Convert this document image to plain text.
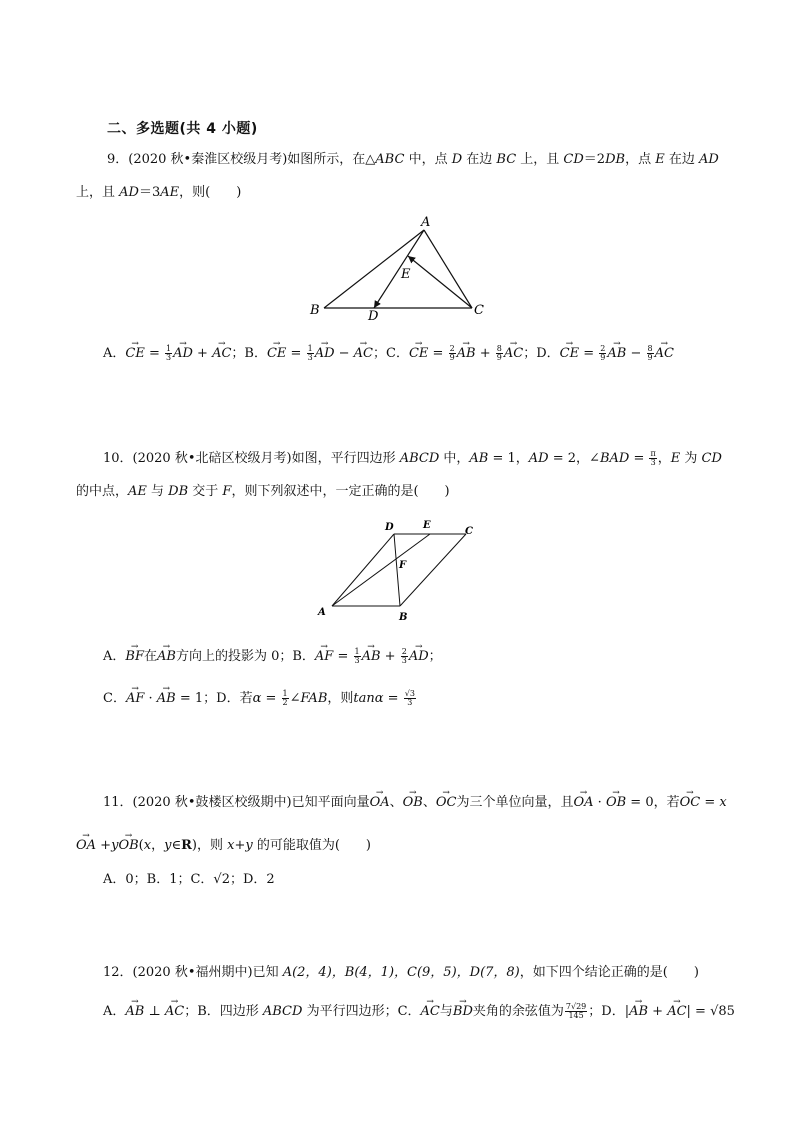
二、多选题(共 4 小题)
9．(2020 秋•秦淮区校级月考)如图所示，在△ABC 中，点 D 在边 BC 上，且 CD＝2DB，点 E 在边 AD
上，且 AD＝3AE，则(　　)
A
B	C
D
E
A．→ CE = $\frac{1}{3}$ → AD + → AC；B．→ CE = $\frac{1}{3}$ → AD − → AC；C．→ CE = $\frac{2}{9}$ → AB + $\frac{8}{9}$ → AC；D．→ CE = $\frac{2}{9}$ → AB − $\frac{8}{9}$ → AC
10．(2020 秋•北碚区校级月考)如图，平行四边形 ABCD 中，AB = 1，AD = 2，∠BAD = $\frac{\pi}{3}$ ，E 为 CD
的中点，AE 与 DB 交于 F，则下列叙述中，一定正确的是(　　)
A	B
C
D	E
F
A．→ BF在→ AB方向上的投影为 0；B．→ AF = $\frac{1}{3}$ → AB + $\frac{2}{3}$ → AD；
C．→ AF · → AB = 1；D．若$\alpha = \frac{1}{2}$ ∠FAB，则$\tan\alpha = \frac{√3}{3}$
11．(2020 秋•鼓楼区校级期中)已知平面向量→ OA、→ OB、→ OC为三个单位向量，且→ OA · → OB = 0，若→ OC = x
→ OA +y→ OB(x，y∈R)，则 x+y 的可能取值为(　　)
A．0；B．1；C．√2；D．2
12．(2020 秋•福州期中)已知 A(2，4)，B(4，1)，C(9，5)，D(7，8)，如下四个结论正确的是(　　)
A．→ AB ⊥ → AC；B．四边形 ABCD 为平行四边形；C．→ AC与→ BD夹角的余弦值为 $\frac{7√29}{145}$ ；D．|→ AB + → AC| = √85
